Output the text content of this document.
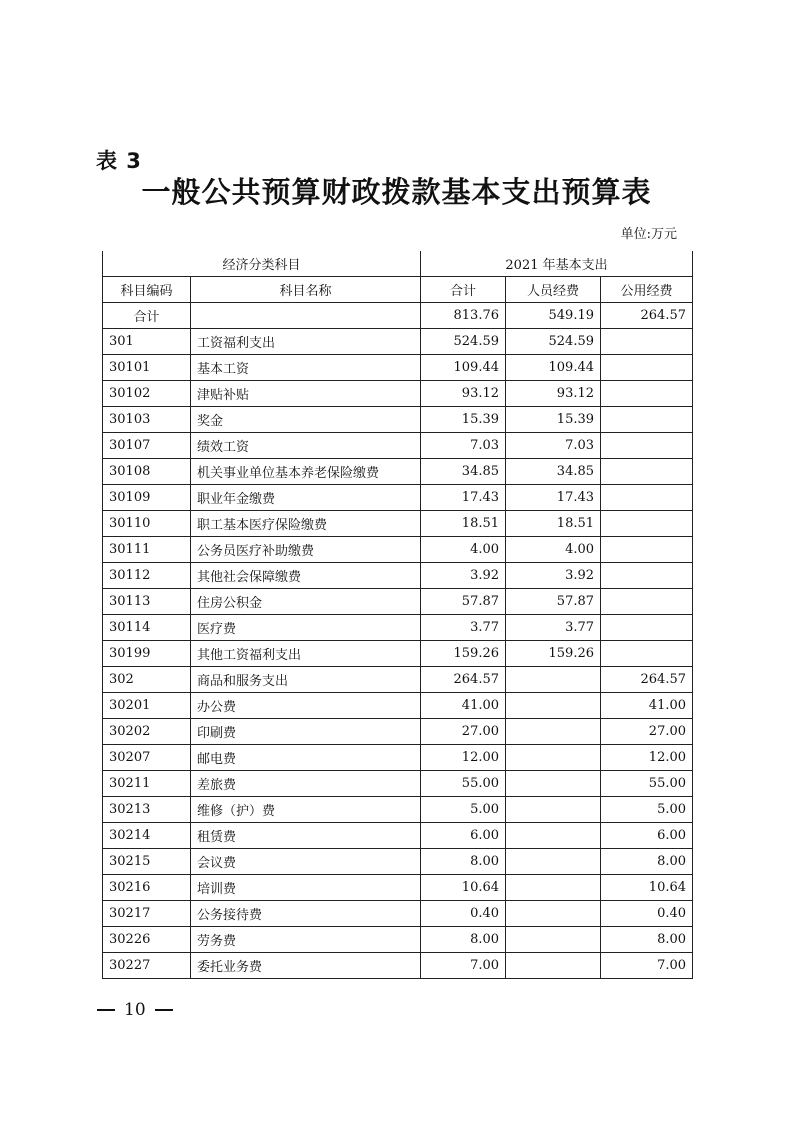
表 3
一般公共预算财政拨款基本支出预算表
单位:万元
经济分类科目		2021 年基本支出		
科目编码	科目名称	合计	人员经费	公用经费
合计		813.76	549.19	264.57
301	工资福利支出	524.59	524.59	
30101	基本工资	109.44	109.44	
30102	津贴补贴	93.12	93.12	
30103	奖金	15.39	15.39	
30107	绩效工资	7.03	7.03	
30108	机关事业单位基本养老保险缴费	34.85	34.85	
30109	职业年金缴费	17.43	17.43	
30110	职工基本医疗保险缴费	18.51	18.51	
30111	公务员医疗补助缴费	4.00	4.00	
30112	其他社会保障缴费	3.92	3.92	
30113	住房公积金	57.87	57.87	
30114	医疗费	3.77	3.77	
30199	其他工资福利支出	159.26	159.26	
302	商品和服务支出	264.57		264.57
30201	办公费	41.00		41.00
30202	印刷费	27.00		27.00
30207	邮电费	12.00		12.00
30211	差旅费	55.00		55.00
30213	维修（护）费	5.00		5.00
30214	租赁费	6.00		6.00
30215	会议费	8.00		8.00
30216	培训费	10.64		10.64
30217	公务接待费	0.40		0.40
30226	劳务费	8.00		8.00
30227	委托业务费	7.00		7.00
10
